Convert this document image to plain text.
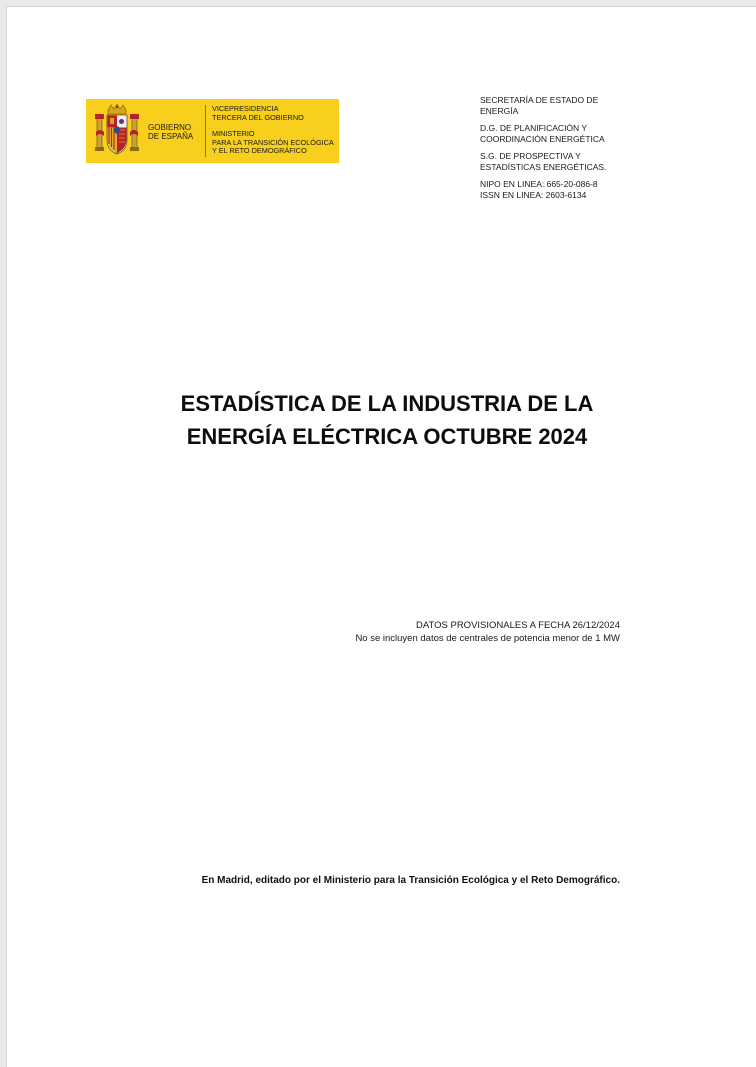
GOBIERNO
DE ESPAÑA
VICEPRESIDENCIA
TERCERA DEL GOBIERNO
MINISTERIO
PARA LA TRANSICIÓN ECOLÓGICA
Y EL RETO DEMOGRÁFICO

SECRETARÍA DE ESTADO DE
ENERGÍA

D.G. DE PLANIFICACIÓN Y
COORDINACIÓN ENERGÉTICA

S.G. DE PROSPECTIVA Y
ESTADÍSTICAS ENERGÉTICAS.

NIPO EN LINEA: 665-20-086-8
ISSN EN LINEA: 2603-6134

ESTADÍSTICA DE LA INDUSTRIA DE LA
ENERGÍA ELÉCTRICA OCTUBRE 2024
DATOS PROVISIONALES A FECHA 26/12/2024
No se incluyen datos de centrales de potencia menor de 1 MW
En Madrid, editado por el Ministerio para la Transición Ecológica y el Reto Demográfico.
